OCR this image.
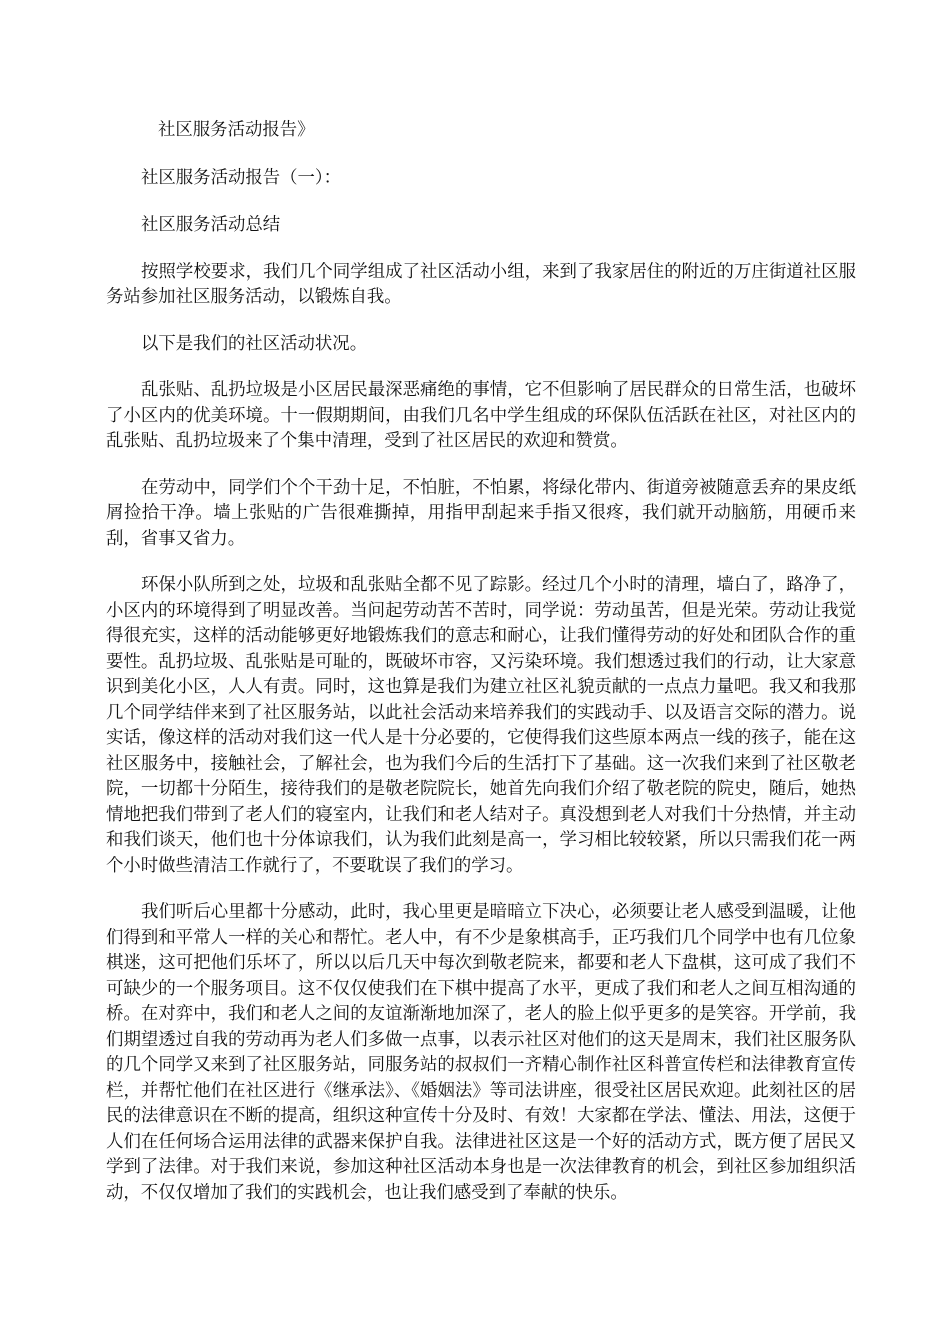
社区服务活动报告》

社区服务活动报告（一）：

社区服务活动总结

按照学校要求，我们几个同学组成了社区活动小组，来到了我家居住的附近的万庄街道社区服务站参加社区服务活动，以锻炼自我。

以下是我们的社区活动状况。

乱张贴、乱扔垃圾是小区居民最深恶痛绝的事情，它不但影响了居民群众的日常生活，也破坏了小区内的优美环境。十一假期期间，由我们几名中学生组成的环保队伍活跃在社区，对社区内的乱张贴、乱扔垃圾来了个集中清理，受到了社区居民的欢迎和赞赏。

在劳动中，同学们个个干劲十足，不怕脏，不怕累，将绿化带内、街道旁被随意丢弃的果皮纸屑捡拾干净。墙上张贴的广告很难撕掉，用指甲刮起来手指又很疼，我们就开动脑筋，用硬币来刮，省事又省力。

环保小队所到之处，垃圾和乱张贴全都不见了踪影。经过几个小时的清理，墙白了，路净了，小区内的环境得到了明显改善。当问起劳动苦不苦时，同学说：劳动虽苦，但是光荣。劳动让我觉得很充实，这样的活动能够更好地锻炼我们的意志和耐心，让我们懂得劳动的好处和团队合作的重要性。乱扔垃圾、乱张贴是可耻的，既破坏市容，又污染环境。我们想透过我们的行动，让大家意识到美化小区，人人有责。同时，这也算是我们为建立社区礼貌贡献的一点点力量吧。我又和我那几个同学结伴来到了社区服务站，以此社会活动来培养我们的实践动手、以及语言交际的潜力。说实话，像这样的活动对我们这一代人是十分必要的，它使得我们这些原本两点一线的孩子，能在这社区服务中，接触社会，了解社会，也为我们今后的生活打下了基础。这一次我们来到了社区敬老院，一切都十分陌生，接待我们的是敬老院院长，她首先向我们介绍了敬老院的院史，随后，她热情地把我们带到了老人们的寝室内，让我们和老人结对子。真没想到老人对我们十分热情，并主动和我们谈天，他们也十分体谅我们，认为我们此刻是高一，学习相比较较紧，所以只需我们花一两个小时做些清洁工作就行了，不要耽误了我们的学习。

我们听后心里都十分感动，此时，我心里更是暗暗立下决心，必须要让老人感受到温暖，让他们得到和平常人一样的关心和帮忙。老人中，有不少是象棋高手，正巧我们几个同学中也有几位象棋迷，这可把他们乐坏了，所以以后几天中每次到敬老院来，都要和老人下盘棋，这可成了我们不可缺少的一个服务项目。这不仅仅使我们在下棋中提高了水平，更成了我们和老人之间互相沟通的桥。在对弈中，我们和老人之间的友谊渐渐地加深了，老人的脸上似乎更多的是笑容。开学前，我们期望透过自我的劳动再为老人们多做一点事，以表示社区对他们的这天是周末，我们社区服务队的几个同学又来到了社区服务站，同服务站的叔叔们一齐精心制作社区科普宣传栏和法律教育宣传栏，并帮忙他们在社区进行《继承法》、《婚姻法》等司法讲座，很受社区居民欢迎。此刻社区的居民的法律意识在不断的提高，组织这种宣传十分及时、有效！大家都在学法、懂法、用法，这便于人们在任何场合运用法律的武器来保护自我。法律进社区这是一个好的活动方式，既方便了居民又学到了法律。对于我们来说，参加这种社区活动本身也是一次法律教育的机会，到社区参加组织活动，不仅仅增加了我们的实践机会，也让我们感受到了奉献的快乐。
